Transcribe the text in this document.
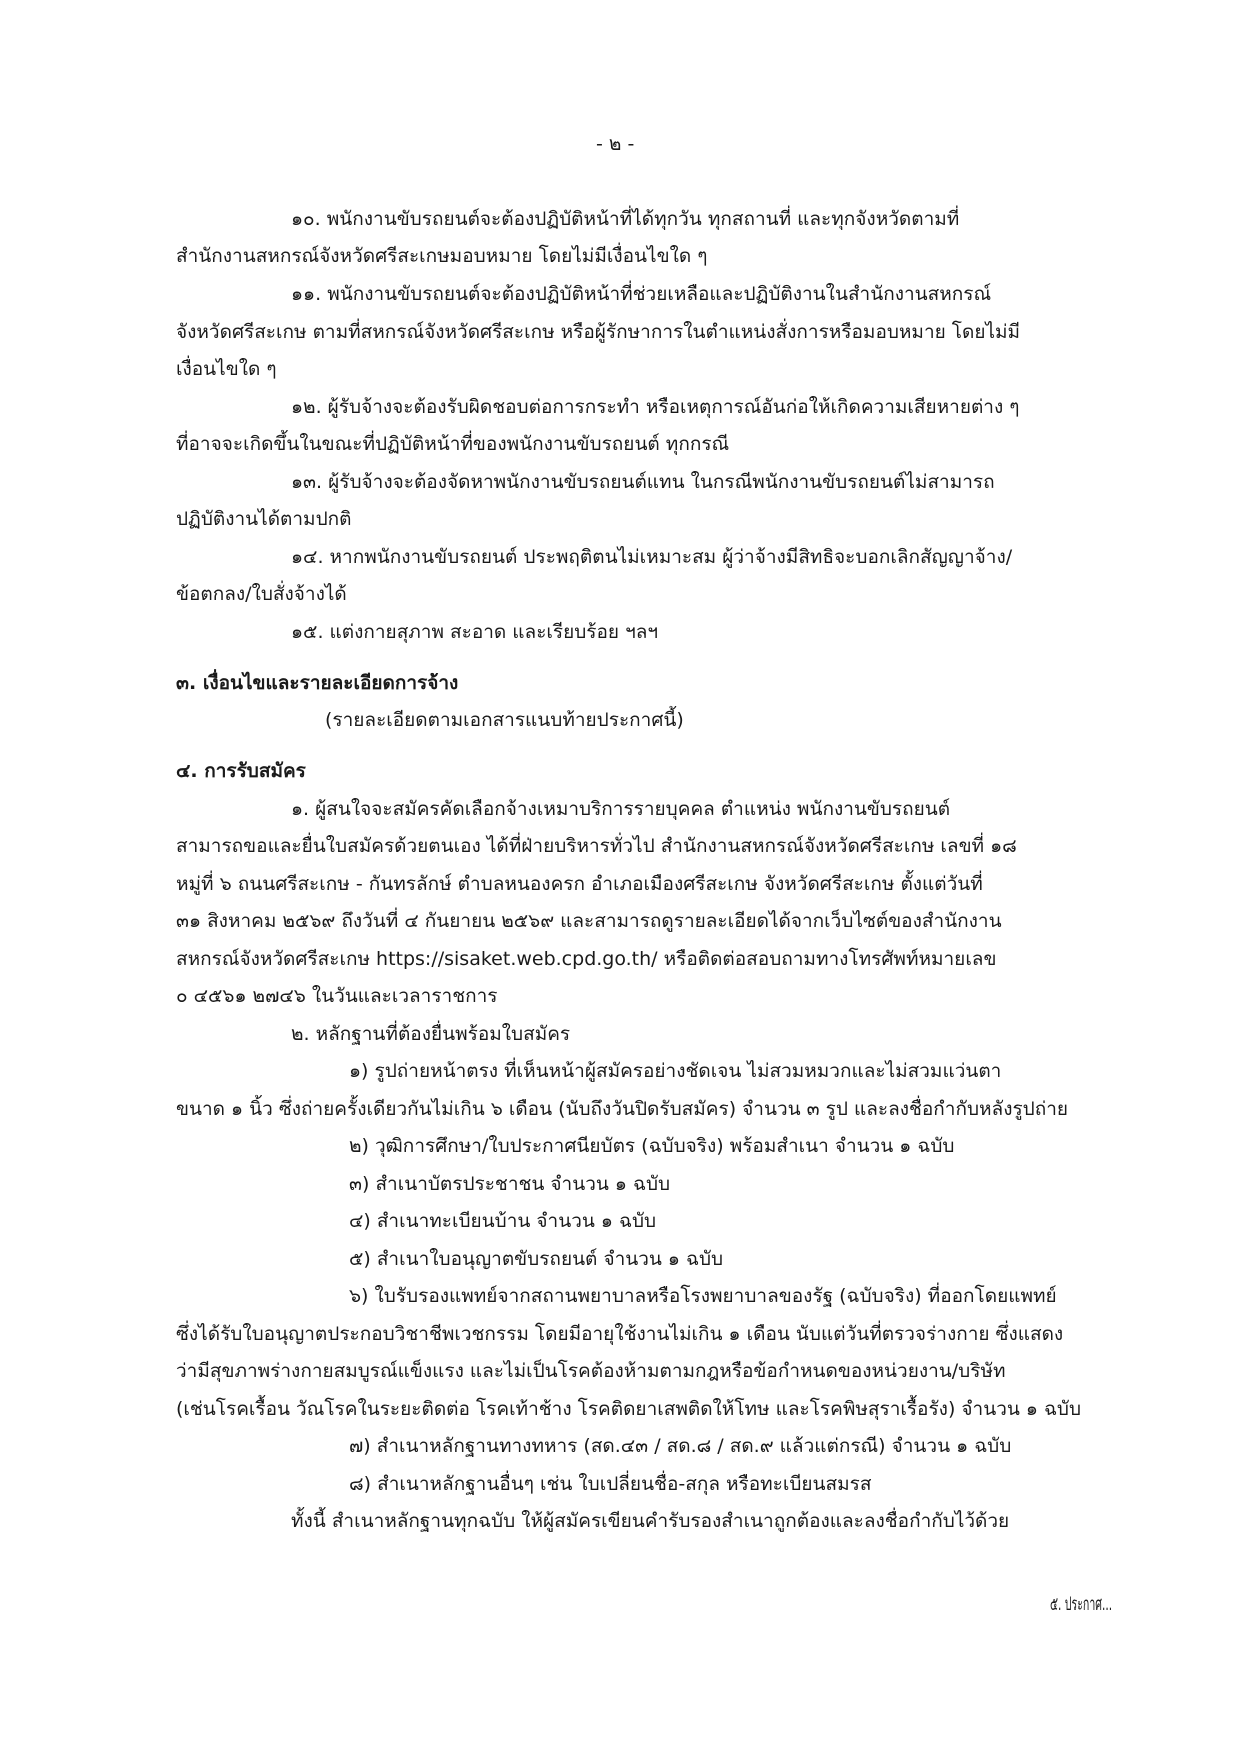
- ๒ -
๑๐. พนักงานขับรถยนต์จะต้องปฏิบัติหน้าที่ได้ทุกวัน ทุกสถานที่ และทุกจังหวัดตามที่
สำนักงานสหกรณ์จังหวัดศรีสะเกษมอบหมาย โดยไม่มีเงื่อนไขใด ๆ
๑๑. พนักงานขับรถยนต์จะต้องปฏิบัติหน้าที่ช่วยเหลือและปฏิบัติงานในสำนักงานสหกรณ์
จังหวัดศรีสะเกษ ตามที่สหกรณ์จังหวัดศรีสะเกษ หรือผู้รักษาการในตำแหน่งสั่งการหรือมอบหมาย โดยไม่มี
เงื่อนไขใด ๆ
๑๒. ผู้รับจ้างจะต้องรับผิดชอบต่อการกระทำ หรือเหตุการณ์อันก่อให้เกิดความเสียหายต่าง ๆ
ที่อาจจะเกิดขึ้นในขณะที่ปฏิบัติหน้าที่ของพนักงานขับรถยนต์ ทุกกรณี
๑๓. ผู้รับจ้างจะต้องจัดหาพนักงานขับรถยนต์แทน ในกรณีพนักงานขับรถยนต์ไม่สามารถ
ปฏิบัติงานได้ตามปกติ
๑๔. หากพนักงานขับรถยนต์ ประพฤติตนไม่เหมาะสม ผู้ว่าจ้างมีสิทธิจะบอกเลิกสัญญาจ้าง/
ข้อตกลง/ใบสั่งจ้างได้
๑๕. แต่งกายสุภาพ สะอาด และเรียบร้อย ฯลฯ
๓. เงื่อนไขและรายละเอียดการจ้าง
(รายละเอียดตามเอกสารแนบท้ายประกาศนี้)
๔. การรับสมัคร
๑. ผู้สนใจจะสมัครคัดเลือกจ้างเหมาบริการรายบุคคล ตำแหน่ง พนักงานขับรถยนต์
สามารถขอและยื่นใบสมัครด้วยตนเอง ได้ที่ฝ่ายบริหารทั่วไป สำนักงานสหกรณ์จังหวัดศรีสะเกษ เลขที่ ๑๘
หมู่ที่ ๖ ถนนศรีสะเกษ - กันทรลักษ์ ตำบลหนองครก อำเภอเมืองศรีสะเกษ จังหวัดศรีสะเกษ ตั้งแต่วันที่
๓๑ สิงหาคม ๒๕๖๙ ถึงวันที่ ๔ กันยายน ๒๕๖๙ และสามารถดูรายละเอียดได้จากเว็บไซต์ของสำนักงาน
สหกรณ์จังหวัดศรีสะเกษ https://sisaket.web.cpd.go.th/ หรือติดต่อสอบถามทางโทรศัพท์หมายเลข
๐ ๔๕๖๑ ๒๗๔๖ ในวันและเวลาราชการ
๒. หลักฐานที่ต้องยื่นพร้อมใบสมัคร
๑) รูปถ่ายหน้าตรง ที่เห็นหน้าผู้สมัครอย่างชัดเจน ไม่สวมหมวกและไม่สวมแว่นตา
ขนาด ๑ นิ้ว ซึ่งถ่ายครั้งเดียวกันไม่เกิน ๖ เดือน (นับถึงวันปิดรับสมัคร) จำนวน ๓ รูป และลงชื่อกำกับหลังรูปถ่าย
๒) วุฒิการศึกษา/ใบประกาศนียบัตร (ฉบับจริง) พร้อมสำเนา จำนวน ๑ ฉบับ
๓) สำเนาบัตรประชาชน จำนวน ๑ ฉบับ
๔) สำเนาทะเบียนบ้าน จำนวน ๑ ฉบับ
๕) สำเนาใบอนุญาตขับรถยนต์ จำนวน ๑ ฉบับ
๖) ใบรับรองแพทย์จากสถานพยาบาลหรือโรงพยาบาลของรัฐ (ฉบับจริง) ที่ออกโดยแพทย์
ซึ่งได้รับใบอนุญาตประกอบวิชาชีพเวชกรรม โดยมีอายุใช้งานไม่เกิน ๑ เดือน นับแต่วันที่ตรวจร่างกาย ซึ่งแสดง
ว่ามีสุขภาพร่างกายสมบูรณ์แข็งแรง และไม่เป็นโรคต้องห้ามตามกฎหรือข้อกำหนดของหน่วยงาน/บริษัท
(เช่นโรคเรื้อน วัณโรคในระยะติดต่อ โรคเท้าช้าง โรคติดยาเสพติดให้โทษ และโรคพิษสุราเรื้อรัง) จำนวน ๑ ฉบับ
๗) สำเนาหลักฐานทางทหาร (สด.๔๓ / สด.๘ / สด.๙ แล้วแต่กรณี) จำนวน ๑ ฉบับ
๘) สำเนาหลักฐานอื่นๆ เช่น ใบเปลี่ยนชื่อ-สกุล หรือทะเบียนสมรส
ทั้งนี้ สำเนาหลักฐานทุกฉบับ ให้ผู้สมัครเขียนคำรับรองสำเนาถูกต้องและลงชื่อกำกับไว้ด้วย
๕. ประกาศ...
